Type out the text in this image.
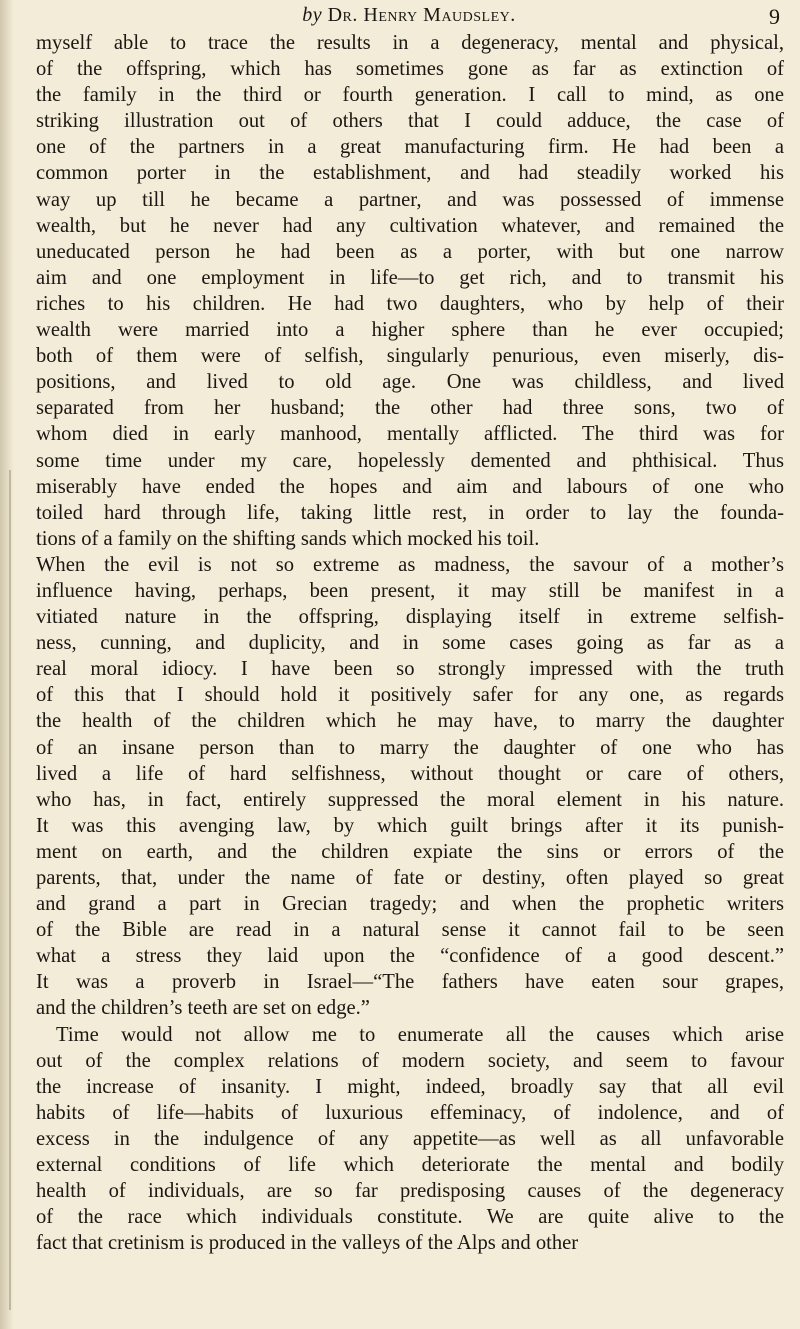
by Dr. Henry Maudsley.	9
myself able to trace the results in a degeneracy, mental and physical,
of the offspring, which has sometimes gone as far as extinction of
the family in the third or fourth generation. I call to mind, as one
striking illustration out of others that I could adduce, the case of
one of the partners in a great manufacturing firm. He had been a
common porter in the establishment, and had steadily worked his
way up till he became a partner, and was possessed of immense
wealth, but he never had any cultivation whatever, and remained the
uneducated person he had been as a porter, with but one narrow
aim and one employment in life—to get rich, and to transmit his
riches to his children. He had two daughters, who by help of their
wealth were married into a higher sphere than he ever occupied;
both of them were of selfish, singularly penurious, even miserly, dis-
positions, and lived to old age. One was childless, and lived
separated from her husband; the other had three sons, two of
whom died in early manhood, mentally afflicted. The third was for
some time under my care, hopelessly demented and phthisical. Thus
miserably have ended the hopes and aim and labours of one who
toiled hard through life, taking little rest, in order to lay the founda-
tions of a family on the shifting sands which mocked his toil.
When the evil is not so extreme as madness, the savour of a mother’s
influence having, perhaps, been present, it may still be manifest in a
vitiated nature in the offspring, displaying itself in extreme selfish-
ness, cunning, and duplicity, and in some cases going as far as a
real moral idiocy. I have been so strongly impressed with the truth
of this that I should hold it positively safer for any one, as regards
the health of the children which he may have, to marry the daughter
of an insane person than to marry the daughter of one who has
lived a life of hard selfishness, without thought or care of others,
who has, in fact, entirely suppressed the moral element in his nature.
It was this avenging law, by which guilt brings after it its punish-
ment on earth, and the children expiate the sins or errors of the
parents, that, under the name of fate or destiny, often played so great
and grand a part in Grecian tragedy; and when the prophetic writers
of the Bible are read in a natural sense it cannot fail to be seen
what a stress they laid upon the “confidence of a good descent.”
It was a proverb in Israel—“The fathers have eaten sour grapes,
and the children’s teeth are set on edge.”
Time would not allow me to enumerate all the causes which arise
out of the complex relations of modern society, and seem to favour
the increase of insanity. I might, indeed, broadly say that all evil
habits of life—habits of luxurious effeminacy, of indolence, and of
excess in the indulgence of any appetite—as well as all unfavorable
external conditions of life which deteriorate the mental and bodily
health of individuals, are so far predisposing causes of the degeneracy
of the race which individuals constitute. We are quite alive to the
fact that cretinism is produced in the valleys of the Alps and other
